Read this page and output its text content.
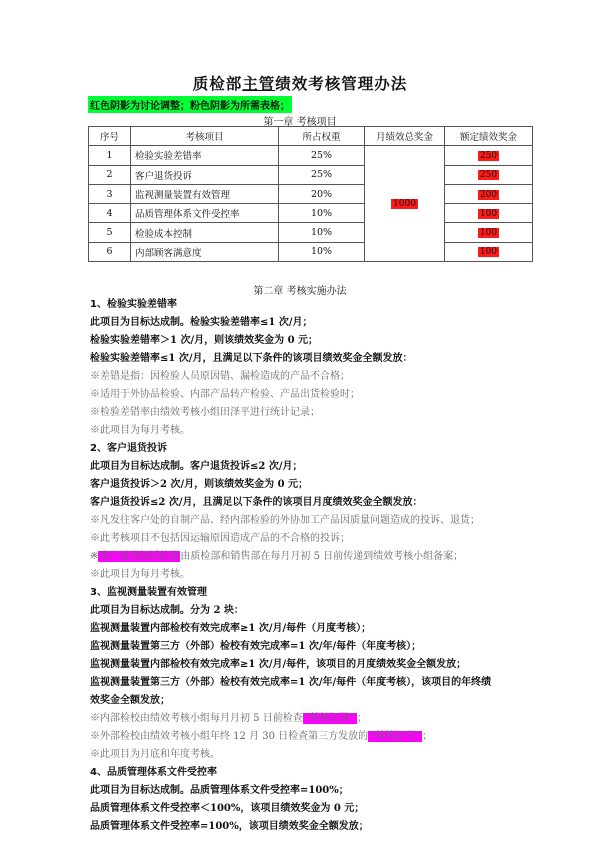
质检部主管绩效考核管理办法
红色阴影为讨论调整；粉色阴影为所需表格；
第一章 考核项目
序号	考核项目	所占权重	月绩效总奖金	额定绩效奖金
1	检验实验差错率	25%	1000	250
2	客户退货投诉	25%		250
3	监视测量装置有效管理	20%		200
4	品质管理体系文件受控率	10%		100
5	检验成本控制	10%		100
6	内部顾客满意度	10%		100
第二章 考核实施办法
1、检验实验差错率
此项目为目标达成制。检验实验差错率≤1 次/月；
检验实验差错率＞1 次/月，则该绩效奖金为 0 元；
检验实验差错率≤1 次/月，且满足以下条件的该项目绩效奖金全额发放：
※差错是指：因检验人员原因错、漏检造成的产品不合格；
※适用于外协品检验、内部产品转产检验、产品出货检验时；
※检验差错率由绩效考核小组田泽平进行统计记录；
※此项目为每月考核。
2、客户退货投诉
此项目为目标达成制。客户退货投诉≤2 次/月；
客户退货投诉＞2 次/月，则该绩效奖金为 0 元；
客户退货投诉≤2 次/月，且满足以下条件的该项目月度绩效奖金全额发放：
※凡发往客户处的自制产品、经内部检验的外协加工产品因质量问题造成的投诉、退货；
※此考核项目不包括因运输原因造成产品的不合格的投诉；
※客户退货投诉信息由质检部和销售部在每月月初 5 日前传递到绩效考核小组备案；
※此项目为每月考核。
3、监视测量装置有效管理
此项目为目标达成制。分为 2 块：
监视测量装置内部检校有效完成率≥1 次/月/每件（月度考核）；
监视测量装置第三方（外部）检校有效完成率=1 次/年/每件（年度考核）；
监视测量装置内部检校有效完成率≥1 次/月/每件，该项目的月度绩效奖金全额发放；
监视测量装置第三方（外部）检校有效完成率=1 次/年/每件（年度考核），该项目的年终绩
效奖金全额发放；
※内部检校由绩效考核小组每月月初 5 日前检查 “检校记录” ；
※外部检校由绩效考核小组年终 12 月 30 日检查第三方发放的 “检校证书” ；
※此项目为月底和年度考核。
4、品质管理体系文件受控率
此项目为目标达成制。品质管理体系文件受控率=100%；
品质管理体系文件受控率＜100%，该项目绩效奖金为 0 元；
品质管理体系文件受控率=100%，该项目绩效奖金全额发放；
